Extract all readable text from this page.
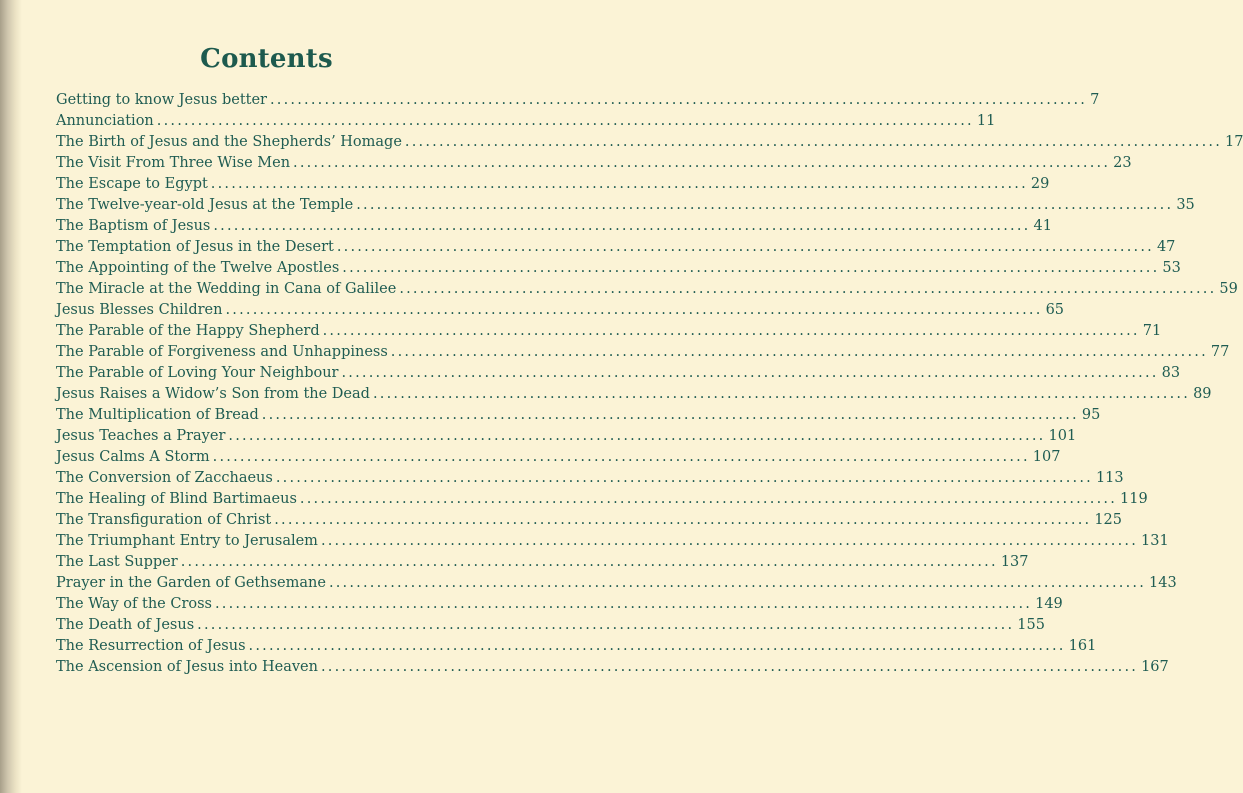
Contents
Getting to know Jesus better ........................................................................................................................ 7
Annunciation ........................................................................................................................ 11
The Birth of Jesus and the Shepherds’ Homage ........................................................................................................................ 17
The Visit From Three Wise Men ........................................................................................................................ 23
The Escape to Egypt ........................................................................................................................ 29
The Twelve-year-old Jesus at the Temple ........................................................................................................................ 35
The Baptism of Jesus ........................................................................................................................ 41
The Temptation of Jesus in the Desert ........................................................................................................................ 47
The Appointing of the Twelve Apostles ........................................................................................................................ 53
The Miracle at the Wedding in Cana of Galilee ........................................................................................................................ 59
Jesus Blesses Children ........................................................................................................................ 65
The Parable of the Happy Shepherd ........................................................................................................................ 71
The Parable of Forgiveness and Unhappiness ........................................................................................................................ 77
The Parable of Loving Your Neighbour ........................................................................................................................ 83
Jesus Raises a Widow’s Son from the Dead ........................................................................................................................ 89
The Multiplication of Bread ........................................................................................................................ 95
Jesus Teaches a Prayer ........................................................................................................................ 101
Jesus Calms A Storm ........................................................................................................................ 107
The Conversion of Zacchaeus ........................................................................................................................ 113
The Healing of Blind Bartimaeus ........................................................................................................................ 119
The Transfiguration of Christ ........................................................................................................................ 125
The Triumphant Entry to Jerusalem ........................................................................................................................ 131
The Last Supper ........................................................................................................................ 137
Prayer in the Garden of Gethsemane ........................................................................................................................ 143
The Way of the Cross ........................................................................................................................ 149
The Death of Jesus ........................................................................................................................ 155
The Resurrection of Jesus ........................................................................................................................ 161
The Ascension of Jesus into Heaven ........................................................................................................................ 167
